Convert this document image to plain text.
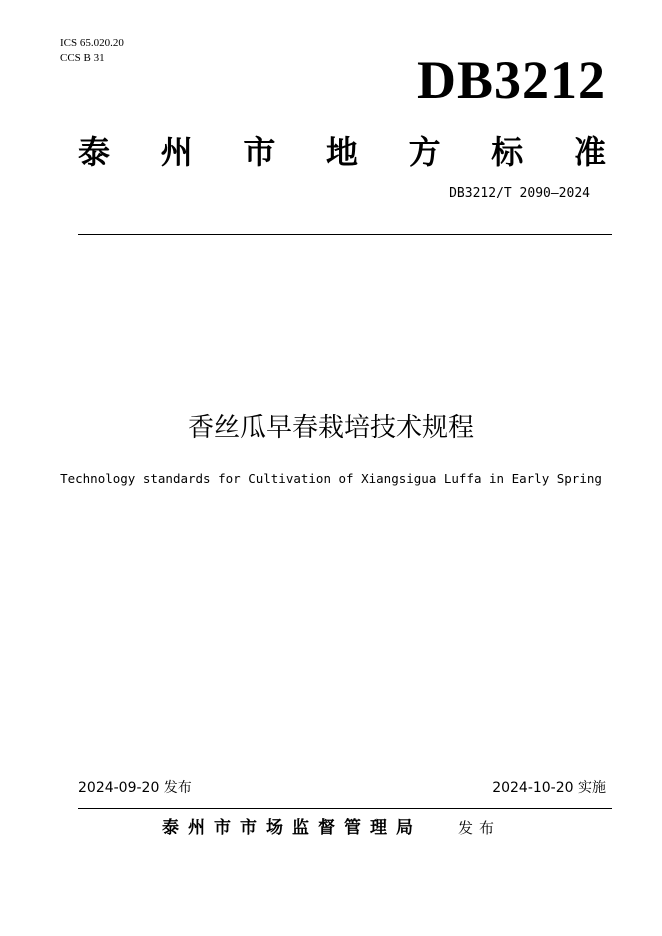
ICS 65.020.20
CCS B 31	DB3212
泰 州 市 地 方 标 准
DB3212/T 2090—2024
香丝瓜早春栽培技术规程
Technology standards for Cultivation of Xiangsigua Luffa in Early Spring
2024-09-20 发布	2024-10-20 实施
泰州市市场监督管理局 发布
